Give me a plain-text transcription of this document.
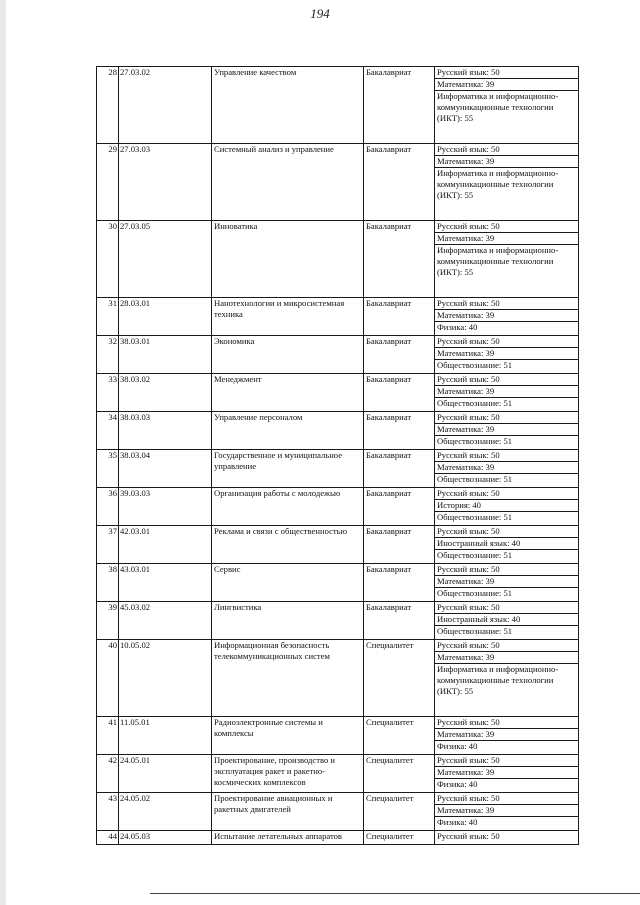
194
28	27.03.02	Управление качеством	Бакалавриат	Русский язык: 50
Математика: 39
Информатика и информационно-коммуникационные технологии (ИКТ): 55

29	27.03.03	Системный анализ и управление	Бакалавриат	Русский язык: 50
Математика: 39
Информатика и информационно-коммуникационные технологии (ИКТ): 55

30	27.03.05	Инноватика	Бакалавриат	Русский язык: 50
Математика: 39
Информатика и информационно-коммуникационные технологии (ИКТ): 55

31	28.03.01	Нанотехнологии и микросистемная техника	Бакалавриат	Русский язык: 50
Математика: 39
Физика: 40

32	38.03.01	Экономика	Бакалавриат	Русский язык: 50
Математика: 39
Обществознание: 51

33	38.03.02	Менеджмент	Бакалавриат	Русский язык: 50
Математика: 39
Обществознание: 51

34	38.03.03	Управление персоналом	Бакалавриат	Русский язык: 50
Математика: 39
Обществознание: 51

35	38.03.04	Государственное и муниципальное управление	Бакалавриат	Русский язык: 50
Математика: 39
Обществознание: 51

36	39.03.03	Организация работы с молодежью	Бакалавриат	Русский язык: 50
История: 40
Обществознание: 51

37	42.03.01	Реклама и связи с общественностью	Бакалавриат	Русский язык: 50
Иностранный язык: 40
Обществознание: 51

38	43.03.01	Сервис	Бакалавриат	Русский язык: 50
Математика: 39
Обществознание: 51

39	45.03.02	Лингвистика	Бакалавриат	Русский язык: 50
Иностранный язык: 40
Обществознание: 51

40	10.05.02	Информационная безопасность телекоммуникационных систем	Специалитет	Русский язык: 50
Математика: 39
Информатика и информационно-коммуникационные технологии (ИКТ): 55

41	11.05.01	Радиоэлектронные системы и комплексы	Специалитет	Русский язык: 50
Математика: 39
Физика: 40

42	24.05.01	Проектирование, производство и эксплуатация ракет и ракетно-космических комплексов	Специалитет	Русский язык: 50
Математика: 39
Физика: 40

43	24.05.02	Проектирование авиационных и ракетных двигателей	Специалитет	Русский язык: 50
Математика: 39
Физика: 40

44	24.05.03	Испытание летательных аппаратов	Специалитет	Русский язык: 50
